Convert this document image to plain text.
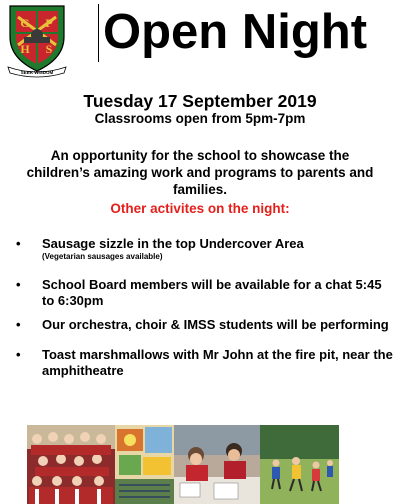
G P
H S
SEEK WISDOM
Open Night
Tuesday 17 September 2019
Classrooms open from 5pm-7pm
An opportunity for the school to showcase the children’s amazing work and programs to parents and families.
Other activites on the night:
• Sausage sizzle in the top Undercover Area
(Vegetarian sausages available)
• School Board members will be available for a chat 5:45 to 6:30pm
• Our orchestra, choir & IMSS students will be performing
• Toast marshmallows with Mr John at the fire pit, near the amphitheatre
